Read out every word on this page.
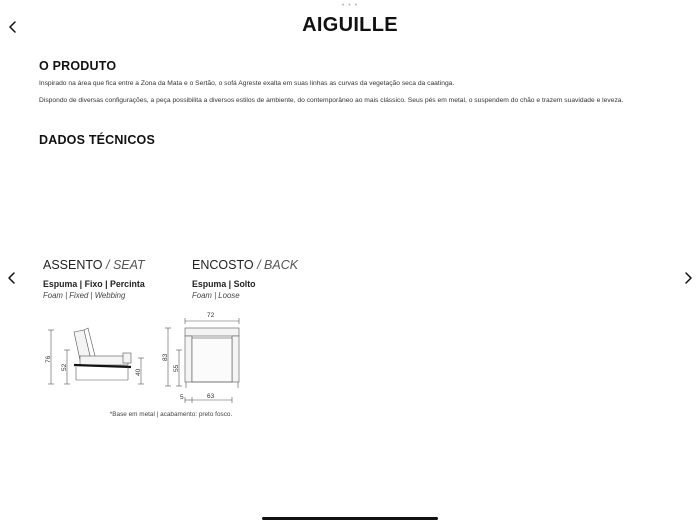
• • •
AIGUILLE
O PRODUTO

Inspirado na área que fica entre a Zona da Mata e o Sertão, o sofá Agreste exalta em suas linhas as curvas da vegetação seca da caatinga.

Dispondo de diversas configurações, a peça possibilita a diversos estilos de ambiente, do contemporâneo ao mais clássico. Seus pés em metal, o suspendem do chão e trazem suavidade e leveza.

DADOS TÉCNICOS
ASSENTO / SEAT	ENCOSTO / BACK
Espuma | Fixo | Percinta
Foam | Fixed | Webbing
Espuma | Solto
Foam | Loose
76
52
40
72
83
55
5	63
*Base em metal | acabamento: preto fosco.
